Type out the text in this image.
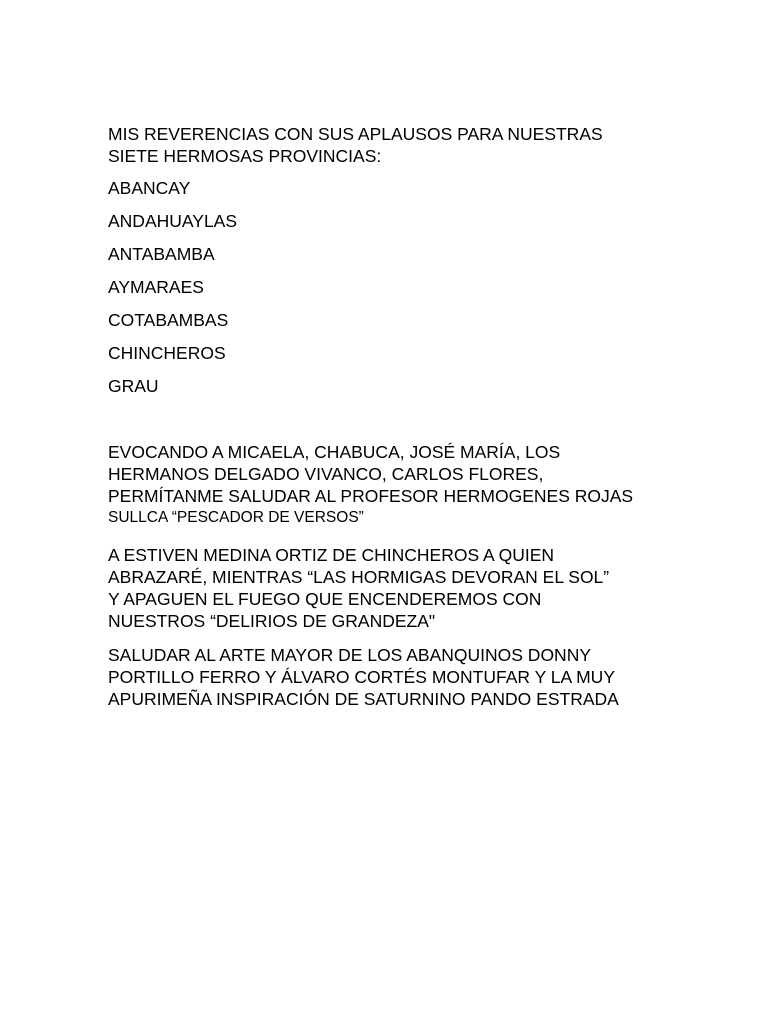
MIS REVERENCIAS CON SUS APLAUSOS PARA NUESTRAS
SIETE HERMOSAS PROVINCIAS:

ABANCAY
ANDAHUAYLAS
ANTABAMBA
AYMARAES
COTABAMBAS
CHINCHEROS
GRAU

EVOCANDO A MICAELA, CHABUCA, JOSÉ MARÍA, LOS
HERMANOS DELGADO VIVANCO, CARLOS FLORES,
PERMÍTANME SALUDAR AL PROFESOR HERMOGENES ROJAS
SULLCA “PESCADOR DE VERSOS”

A ESTIVEN MEDINA ORTIZ DE CHINCHEROS A QUIEN
ABRAZARÉ, MIENTRAS “LAS HORMIGAS DEVORAN EL SOL”
Y APAGUEN EL FUEGO QUE ENCENDEREMOS CON
NUESTROS “DELIRIOS DE GRANDEZA"

SALUDAR AL ARTE MAYOR DE LOS ABANQUINOS DONNY
PORTILLO FERRO Y ÁLVARO CORTÉS MONTUFAR Y LA MUY
APURIMEÑA INSPIRACIÓN DE SATURNINO PANDO ESTRADA
